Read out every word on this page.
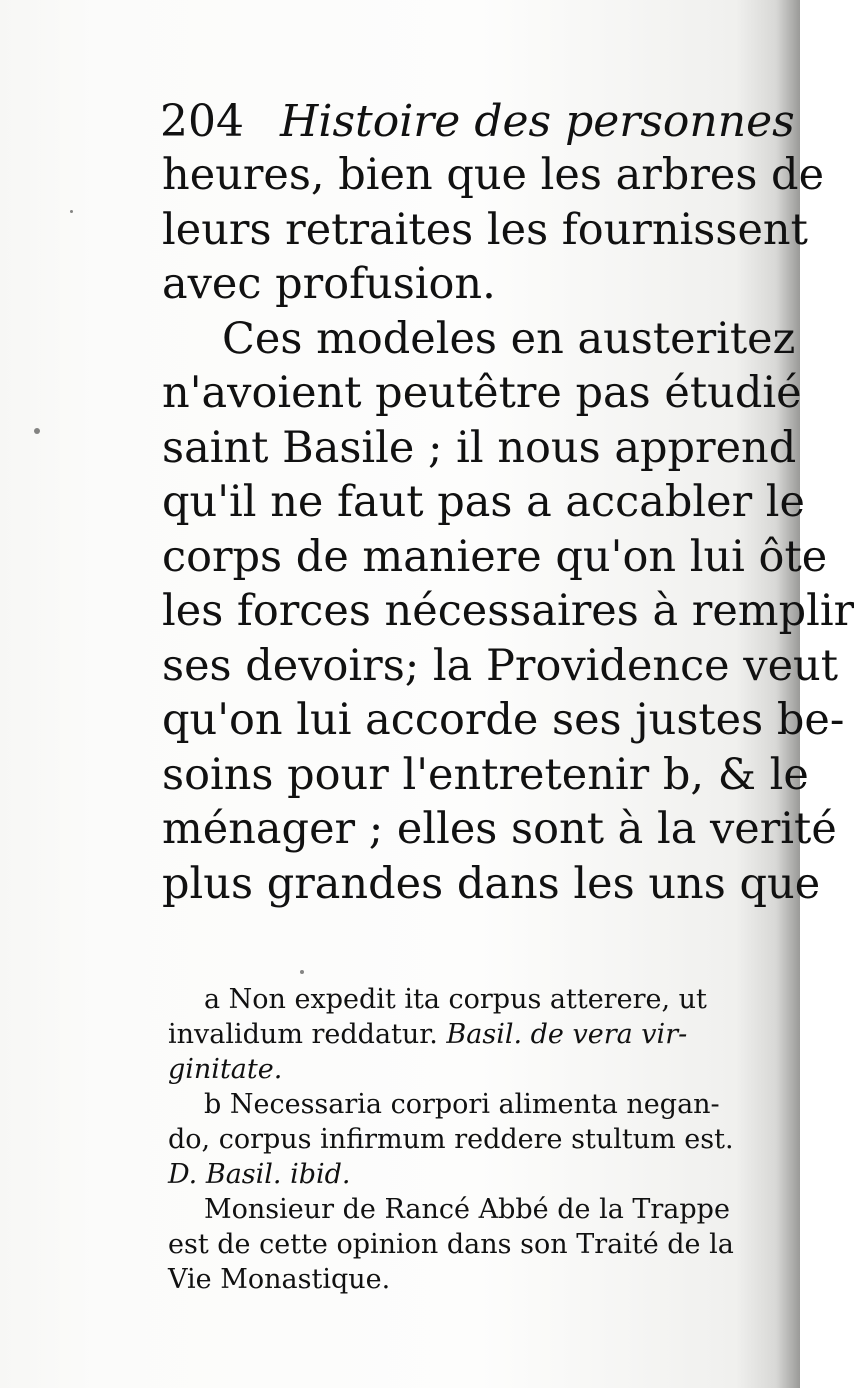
204 Histoire des personnes
heures, bien que les arbres de
leurs retraites les fournissent
avec profusion.
Ces modeles en austeritez
n'avoient peutêtre pas étudié
saint Basile ; il nous apprend
qu'il ne faut pas a accabler le
corps de maniere qu'on lui ôte
les forces nécessaires à remplir
ses devoirs; la Providence veut
qu'on lui accorde ses justes be-
soins pour l'entretenir b, & le
ménager ; elles sont à la verité
plus grandes dans les uns que
a Non expedit ita corpus atterere, ut
invalidum reddatur. Basil. de vera vir-
ginitate.
b Necessaria corpori alimenta negan-
do, corpus infirmum reddere stultum est.
D. Basil. ibid.
Monsieur de Rancé Abbé de la Trappe
est de cette opinion dans son Traité de la
Vie Monastique.
